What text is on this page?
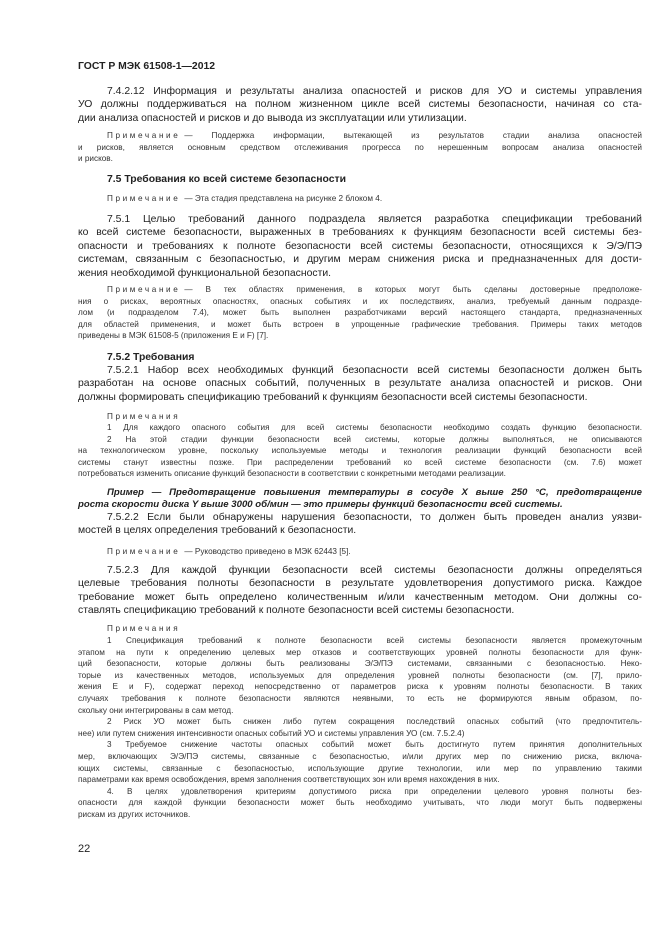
ГОСТ Р МЭК 61508-1—2012
7.4.2.12 Информация и результаты анализа опасностей и рисков для УО и системы управления
УО должны поддерживаться на полном жизненном цикле всей системы безопасности, начиная со ста-
дии анализа опасностей и рисков и до вывода из эксплуатации или утилизации.
Примечание — Поддержка информации, вытекающей из результатов стадии анализа опасностей
и рисков, является основным средством отслеживания прогресса по нерешенным вопросам анализа опасностей
и рисков.
7.5 Требования ко всей системе безопасности
Примечание — Эта стадия представлена на рисунке 2 блоком 4.
7.5.1 Целью требований данного подраздела является разработка спецификации требований
ко всей системе безопасности, выраженных в требованиях к функциям безопасности всей системы без-
опасности и требованиях к полноте безопасности всей системы безопасности, относящихся к Э/Э/ПЭ
системам, связанным с безопасностью, и другим мерам снижения риска и предназначенных для дости-
жения необходимой функциональной безопасности.
Примечание — В тех областях применения, в которых могут быть сделаны достоверные предположе-
ния о рисках, вероятных опасностях, опасных событиях и их последствиях, анализ, требуемый данным подразде-
лом (и подразделом 7.4), может быть выполнен разработчиками версий настоящего стандарта, предназначенных
для областей применения, и может быть встроен в упрощенные графические требования. Примеры таких методов
приведены в МЭК 61508-5 (приложения E и F) [7].
7.5.2 Требования
7.5.2.1 Набор всех необходимых функций безопасности всей системы безопасности должен быть
разработан на основе опасных событий, полученных в результате анализа опасностей и рисков. Они
должны формировать спецификацию требований к функциям безопасности всей системы безопасности.
Примечания
1 Для каждого опасного события для всей системы безопасности необходимо создать функцию безопасности.
2 На этой стадии функции безопасности всей системы, которые должны выполняться, не описываются
на технологическом уровне, поскольку используемые методы и технология реализации функций безопасности всей
системы станут известны позже. При распределении требований ко всей системе безопасности (см. 7.6) может
потребоваться изменить описание функций безопасности в соответствии с конкретными методами реализации.
Пример — Предотвращение повышения температуры в сосуде X выше 250 °С, предотвращение
роста скорости диска Y выше 3000 об/мин — это примеры функций безопасности всей системы.
7.5.2.2 Если были обнаружены нарушения безопасности, то должен быть проведен анализ уязви-
мостей в целях определения требований к безопасности.
Примечание — Руководство приведено в МЭК 62443 [5].
7.5.2.3 Для каждой функции безопасности всей системы безопасности должны определяться
целевые требования полноты безопасности в результате удовлетворения допустимого риска. Каждое
требование может быть определено количественным и/или качественным методом. Они должны со-
ставлять спецификацию требований к полноте безопасности всей системы безопасности.
Примечания
1 Спецификация требований к полноте безопасности всей системы безопасности является промежуточным
этапом на пути к определению целевых мер отказов и соответствующих уровней полноты безопасности для функ-
ций безопасности, которые должны быть реализованы Э/Э/ПЭ системами, связанными с безопасностью. Неко-
торые из качественных методов, используемых для определения уровней полноты безопасности (см. [7], прило-
жения E и F), содержат переход непосредственно от параметров риска к уровням полноты безопасности. В таких
случаях требования к полноте безопасности являются неявными, то есть не формируются явным образом, по-
скольку они интегрированы в сам метод.
2 Риск УО может быть снижен либо путем сокращения последствий опасных событий (что предпочтитель-
нее) или путем снижения интенсивности опасных событий УО и системы управления УО (см. 7.5.2.4)
3 Требуемое снижение частоты опасных событий может быть достигнуто путем принятия дополнительных
мер, включающих Э/Э/ПЭ системы, связанные с безопасностью, и/или других мер по снижению риска, включа-
ющих системы, связанные с безопасностью, использующие другие технологии, или мер по управлению такими
параметрами как время освобождения, время заполнения соответствующих зон или время нахождения в них.
4. В целях удовлетворения критериям допустимого риска при определении целевого уровня полноты без-
опасности для каждой функции безопасности может быть необходимо учитывать, что люди могут быть подвержены
рискам из других источников.
22
